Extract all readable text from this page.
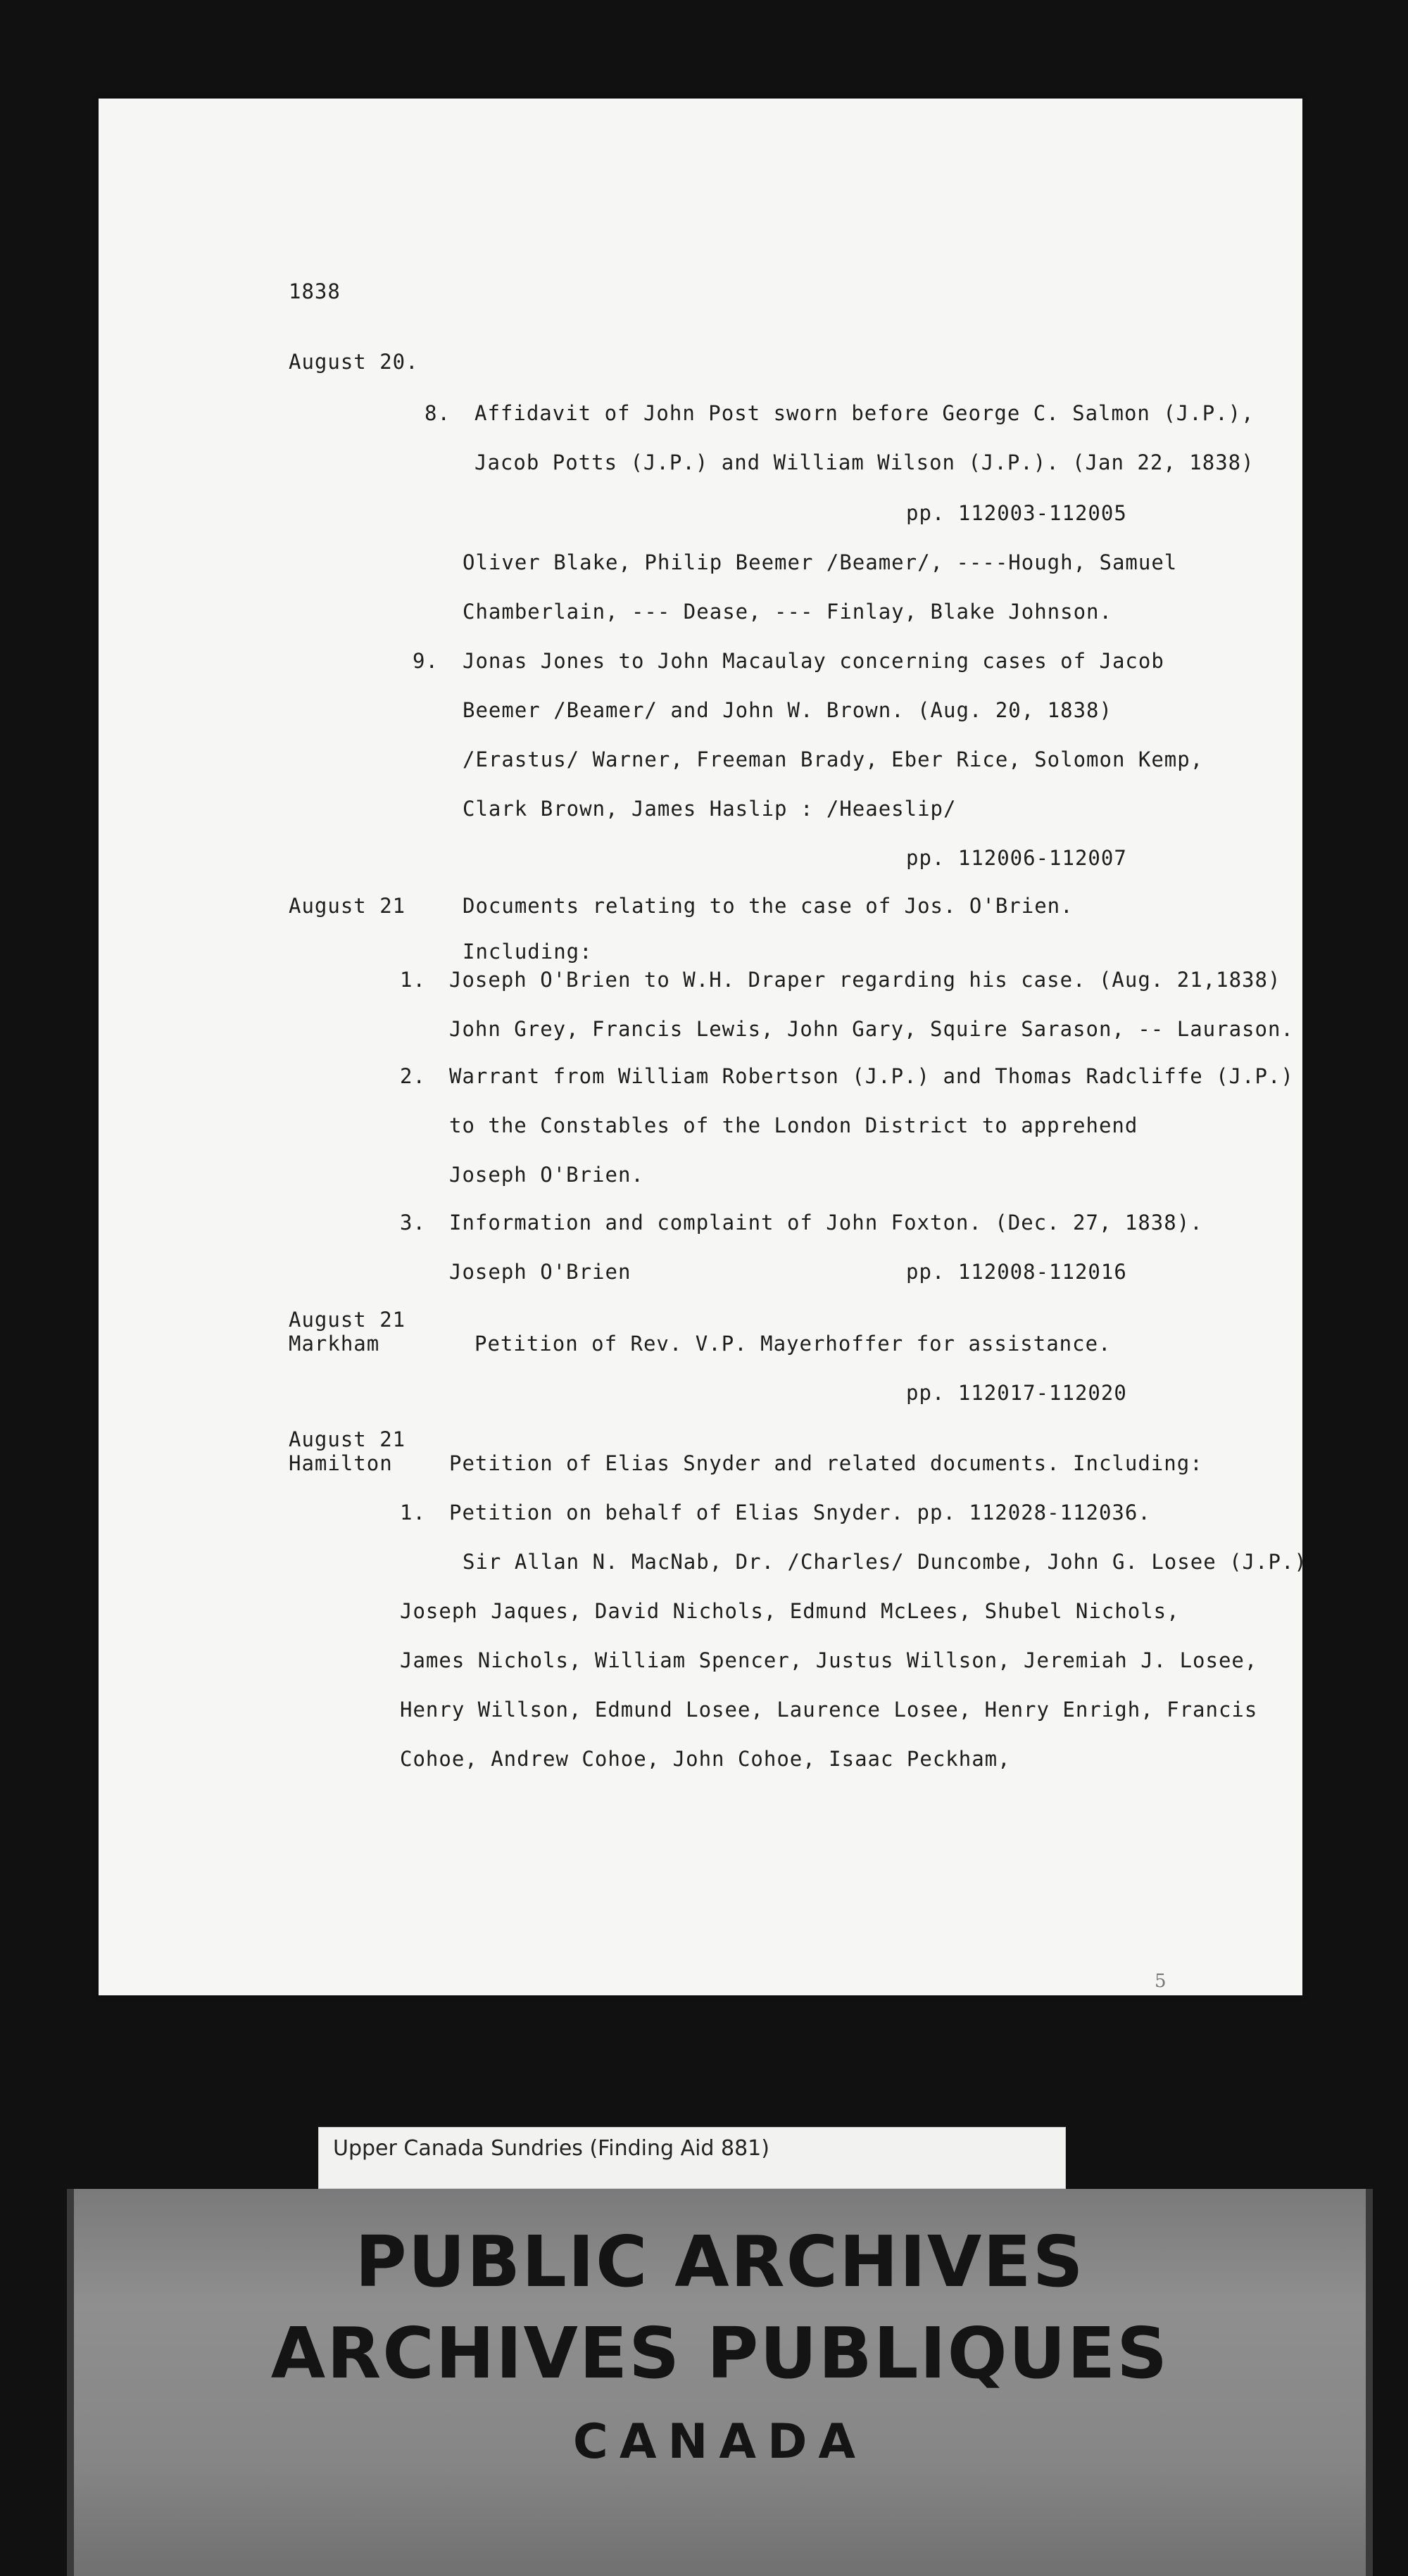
1838

August 20.

8. Affidavit of John Post sworn before George C. Salmon (J.P.),

Jacob Potts (J.P.) and William Wilson (J.P.). (Jan 22, 1838)

pp. 112003-112005

Oliver Blake, Philip Beemer /Beamer/, ----Hough, Samuel

Chamberlain, --- Dease, --- Finlay, Blake Johnson.

9. Jonas Jones to John Macaulay concerning cases of Jacob

Beemer /Beamer/ and John W. Brown. (Aug. 20, 1838)

/Erastus/ Warner, Freeman Brady, Eber Rice, Solomon Kemp,

Clark Brown, James Haslip : /Heaeslip/

pp. 112006-112007

August 21	Documents relating to the case of Jos. O'Brien.

Including:

1. Joseph O'Brien to W.H. Draper regarding his case. (Aug. 21,1838)

John Grey, Francis Lewis, John Gary, Squire Sarason, -- Laurason.

2. Warrant from William Robertson (J.P.) and Thomas Radcliffe (J.P.)

to the Constables of the London District to apprehend

Joseph O'Brien.

3. Information and complaint of John Foxton. (Dec. 27, 1838).

Joseph O'Brien	pp. 112008-112016

August 21

Markham	Petition of Rev. V.P. Mayerhoffer for assistance.

pp. 112017-112020

August 21

Hamilton	Petition of Elias Snyder and related documents. Including:

1. Petition on behalf of Elias Snyder. pp. 112028-112036.

Sir Allan N. MacNab, Dr. /Charles/ Duncombe, John G. Losee (J.P.)

Joseph Jaques, David Nichols, Edmund McLees, Shubel Nichols,

James Nichols, William Spencer, Justus Willson, Jeremiah J. Losee,

Henry Willson, Edmund Losee, Laurence Losee, Henry Enrigh, Francis

Cohoe, Andrew Cohoe, John Cohoe, Isaac Peckham,

5
Upper Canada Sundries (Finding Aid 881)

PUBLIC ARCHIVES

ARCHIVES PUBLIQUES

CANADA
